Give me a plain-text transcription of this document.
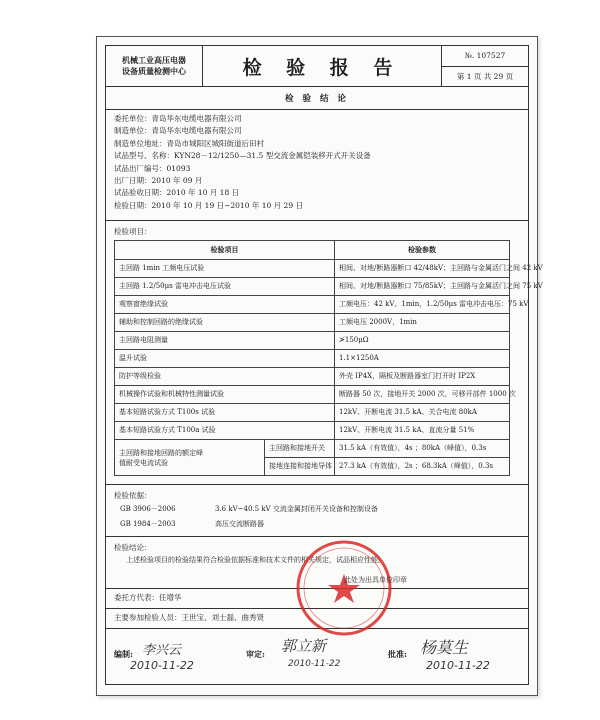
机械工业高压电器
设备质量检测中心	检 验 报 告
№. 107527
第 1 页 共 29 页
检 验 结 论
委托单位：青岛华东电缆电器有限公司
制造单位：青岛华东电缆电器有限公司
制造单位地址：青岛市城阳区城阳街道后田村
试品型号、名称：KYN28－12/1250—31.5 型交流金属铠装移开式开关设备
试品出厂编号：01093
出厂日期：2010 年 09 月
试品验收日期：2010 年 10 月 18 日
检验日期：2010 年 10 月 19 日~2010 年 10 月 29 日
检验项目：
检验项目		检验参数
主回路 1min 工频电压试验		相间、对地/断路器断口 42/48kV；主回路与金属活门之间 42 kV
主回路 1.2/50μs 雷电冲击电压试验		相间、对地/断路器断口 75/85kV；主回路与金属活门之间 75 kV
观察窗绝缘试验		工频电压：42 kV、1min，1.2/50μs 雷电冲击电压：75 kV
辅助和控制回路的绝缘试验		工频电压 2000V，1min
主回路电阻测量		≯150μΩ
温升试验		1.1×1250A
防护等级检验		外壳 IP4X，隔板及断路器室门打开时 IP2X
机械操作试验和机械特性测量试验		断路器 50 次，接地开关 2000 次，可移开部件 1000 次
基本短路试验方式 T100s 试验		12kV、开断电流 31.5 kA、关合电流 80kA
基本短路试验方式 T100a 试验		12kV、开断电流 31.5 kA、直流分量 51%
主回路和接地回路的额定峰
值耐受电流试验	主回路和接地开关	31.5 kA（有效值），4s ；80kA（峰值），0.3s
	接地连接和接地导体	27.3 kA（有效值），2s ；68.3kA（峰值），0.3s
检验依据：
GB 3906－2006	3.6 kV~40.5 kV 交流金属封闭开关设备和控制设备
GB 1984－2003	高压交流断路器
检验结论：
上述检验项目的检验结果符合检验依据标准和技术文件的相关规定，试品相应性能。
委托方代表：任增华
主要参加检验人员：王世宝、刘士磊、曲秀贤
编制: 李兴云
2010-11-22
审定: 郭立新
2010-11-22
批准: 杨莫生
2010-11-22
此处为出具单位印章
